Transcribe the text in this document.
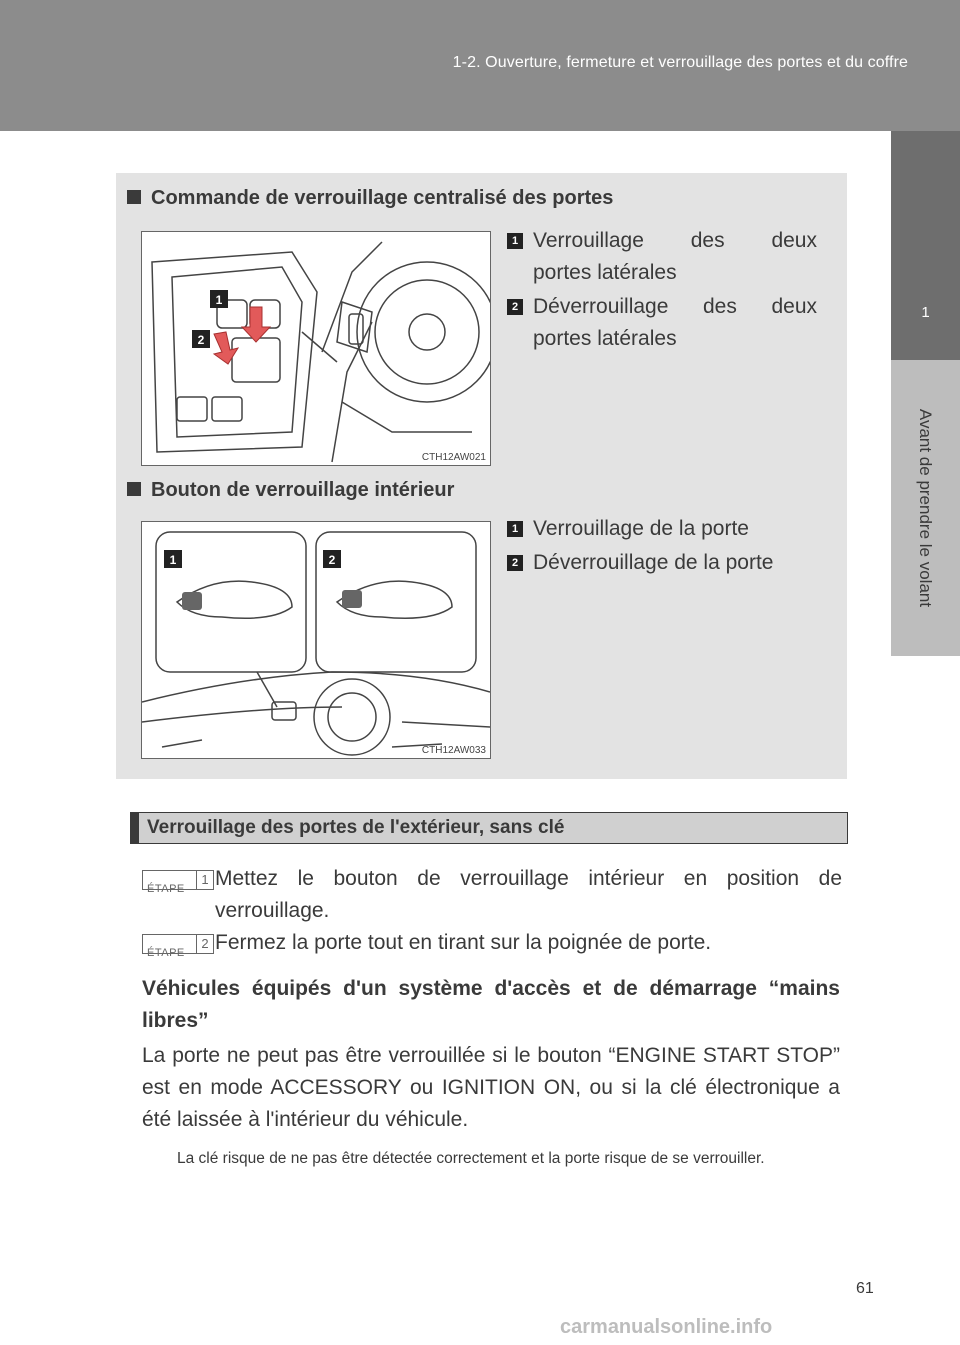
1-2. Ouverture, fermeture et verrouillage des portes et du coffre
1
Avant de prendre le volant
Commande de verrouillage centralisé des portes
1
2
CTH12AW021
1 Verrouillage des deux
portes latérales
2 Déverrouillage des deux
portes latérales
Bouton de verrouillage intérieur
1	2
CTH12AW033
1 Verrouillage de la porte
2 Déverrouillage de la porte
Verrouillage des portes de l'extérieur, sans clé
ÉTAPE
1 Mettez le bouton de verrouillage intérieur en position de verrouillage.
ÉTAPE
2 Fermez la porte tout en tirant sur la poignée de porte.
Véhicules équipés d'un système d'accès et de démarrage “mains libres”
La porte ne peut pas être verrouillée si le bouton “ENGINE START STOP” est en mode ACCESSORY ou IGNITION ON, ou si la clé électronique a été laissée à l'intérieur du véhicule.
La clé risque de ne pas être détectée correctement et la porte risque de se verrouiller.
61
carmanualsonline.info
